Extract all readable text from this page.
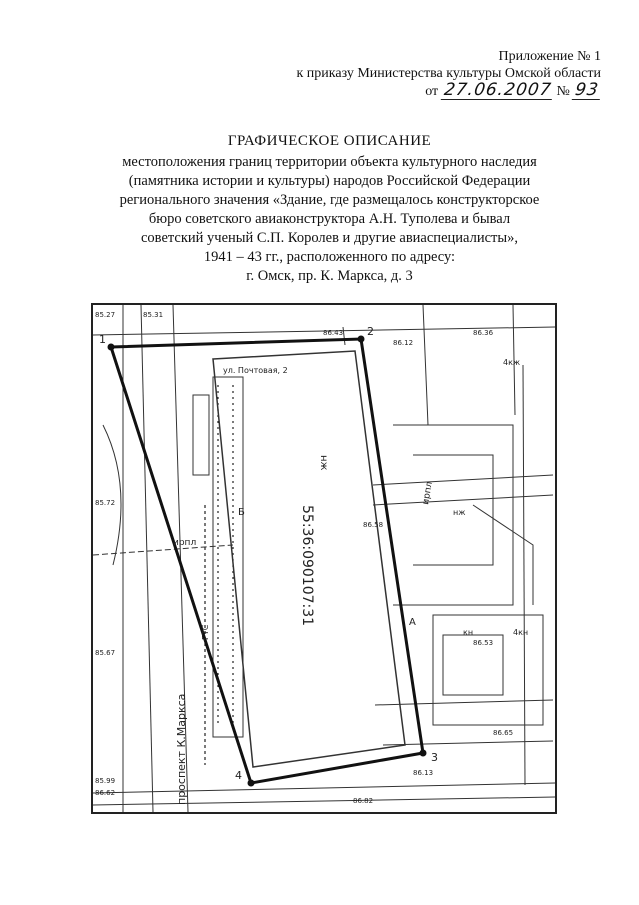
Приложение № 1
к приказу Министерства культуры Омской области
от 27.06.2007 № 93
ГРАФИЧЕСКОЕ ОПИСАНИЕ
местоположения границ территории объекта культурного наследия
(памятника истории и культуры) народов Российской Федерации
регионального значения «Здание, где размещалось конструкторское
бюро советского авиаконструктора А.Н. Туполева и бывал
советский ученый С.П. Королев и другие авиаспециалисты»,
1941 – 43 гг., расположенного по адресу:
г. Омск, пр. К. Маркса, д. 3
1
2
3
4
55:36:090107:31
нж
проспект К.Маркса
ул. Почтовая, 2
ирпл
ирпл
4кж
4кн
кн
нж
Б
А
ГТС
85.27	85.31
86.12
86.43	86.36
86.58
86.62
86.82
86.53
85.67
85.99
85.72
86.65
86.13
